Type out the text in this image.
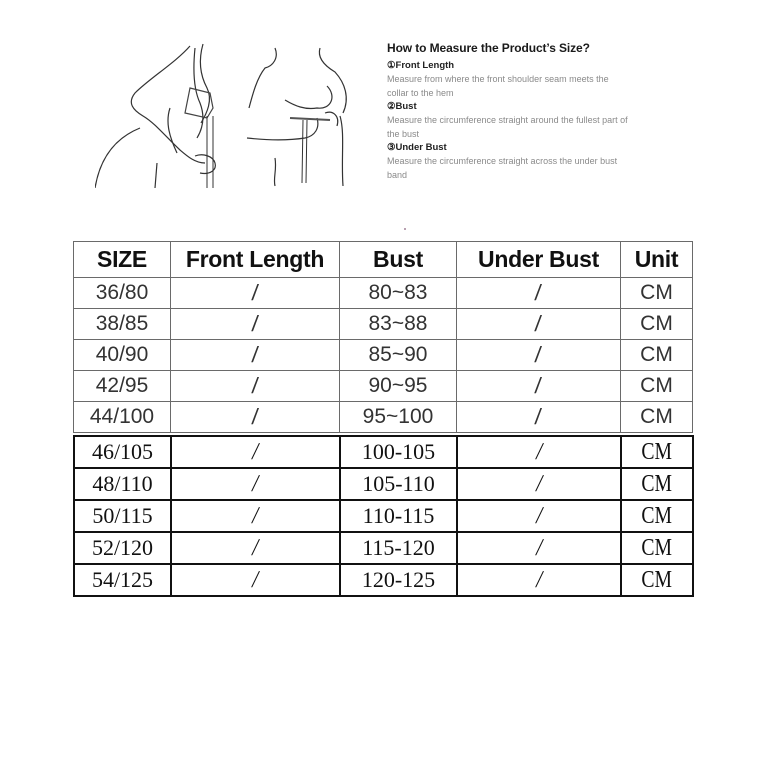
How to Measure the Product’s Size?
①Front Length
Measure from where the front shoulder seam meets the
collar to the hem
②Bust
Measure the circumference straight around the fullest part of
the bust
③Under Bust
Measure the circumference straight across the under bust
band
SIZE	Front Length	Bust	Under Bust	Unit
36/80	/	80~83	/	CM
38/85	/	83~88	/	CM
40/90	/	85~90	/	CM
42/95	/	90~95	/	CM
44/100	/	95~100	/	CM
46/105	/	100-105	/	CM
48/110	/	105-110	/	CM
50/115	/	110-115	/	CM
52/120	/	115-120	/	CM
54/125	/	120-125	/	CM
